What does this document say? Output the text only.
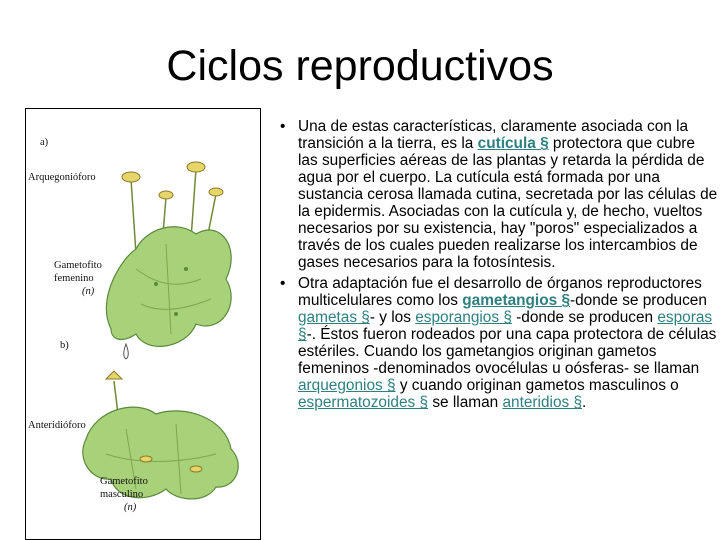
Ciclos reproductivos
a)
Arquegonióforo
Gametofito
femenino
(n)
b)
Anteridióforo
Gametofito
masculino
(n)
• Una de estas características, claramente asociada con la transición a la tierra, es la cutícula § protectora que cubre las superficies aéreas de las plantas y retarda la pérdida de agua por el cuerpo. La cutícula está formada por una sustancia cerosa llamada cutina, secretada por las células de la epidermis. Asociadas con la cutícula y, de hecho, vueltos necesarios por su existencia, hay "poros" especializados a través de los cuales pueden realizarse los intercambios de gases necesarios para la fotosíntesis.
• Otra adaptación fue el desarrollo de órganos reproductores multicelulares como los gametangios §-donde se producen gametas §- y los esporangios § -donde se producen esporas §-. Éstos fueron rodeados por una capa protectora de células estériles. Cuando los gametangios originan gametos femeninos -denominados ovocélulas u oósferas- se llaman arquegonios § y cuando originan gametos masculinos o espermatozoides § se llaman anteridios §.
